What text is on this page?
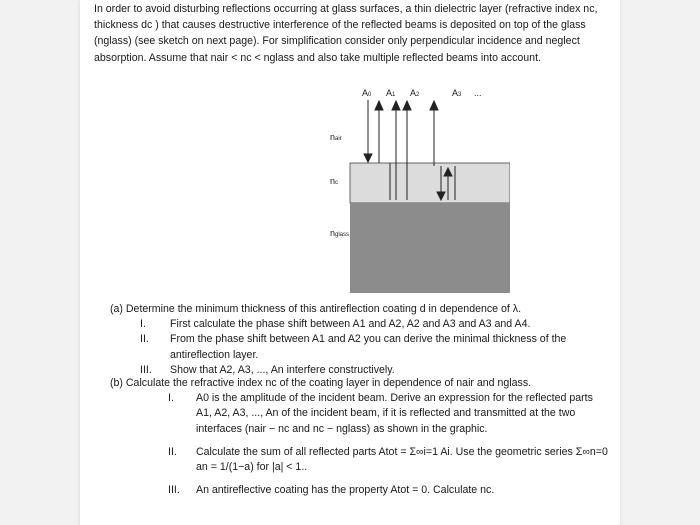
In order to avoid disturbing reflections occurring at glass surfaces, a thin dielectric layer (refractive index nc, thickness dc ) that causes destructive interference of the reflected beams is deposited on top of the glass (nglass) (see sketch on next page). For simplification consider only perpendicular incidence and neglect absorption. Assume that nair < nc < nglass and also take multiple reflected beams into account.
A0 A1 A2	A3 ...
nair
nc
nglass
(a)
Determine the minimum thickness of this antireflection coating d in dependence of λ.
I.	First calculate the phase shift between A1 and A2, A2 and A3 and A3 and A4.
II.	From the phase shift between A1 and A2 you can derive the minimal thickness of the antireflection layer.
III.	Show that A2, A3, ..., An interfere constructively.
(b)
Calculate the refractive index nc of the coating layer in dependence of nair and nglass.
I.	A0 is the amplitude of the incident beam. Derive an expression for the reflected parts A1, A2, A3, ..., An of the incident beam, if it is reflected and transmitted at the two interfaces (nair − nc and nc − nglass) as shown in the graphic.
II.	Calculate the sum of all reflected parts Atot = Σ∞i=1 Ai. Use the geometric series Σ∞n=0 an = 1/(1−a) for |a| < 1..
III.	An antireflective coating has the property Atot = 0. Calculate nc.
